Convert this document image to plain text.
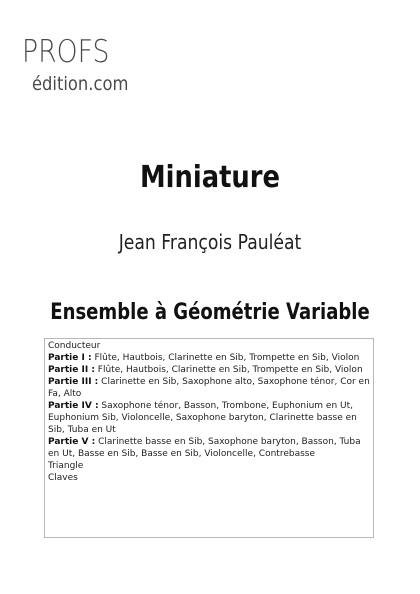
PROFS
édition.com
Miniature
Jean François Pauléat
Ensemble à Géométrie Variable
Conducteur
Partie I : Flûte, Hautbois, Clarinette en Sib, Trompette en Sib, Violon
Partie II : Flûte, Hautbois, Clarinette en Sib, Trompette en Sib, Violon
Partie III : Clarinette en Sib, Saxophone alto, Saxophone ténor, Cor en Fa, Alto
Partie IV : Saxophone ténor, Basson, Trombone, Euphonium en Ut, Euphonium Sib, Violoncelle, Saxophone baryton, Clarinette basse en Sib, Tuba en Ut
Partie V : Clarinette basse en Sib, Saxophone baryton, Basson, Tuba en Ut, Basse en Sib, Basse en Sib, Violoncelle, Contrebasse
Triangle
Claves
